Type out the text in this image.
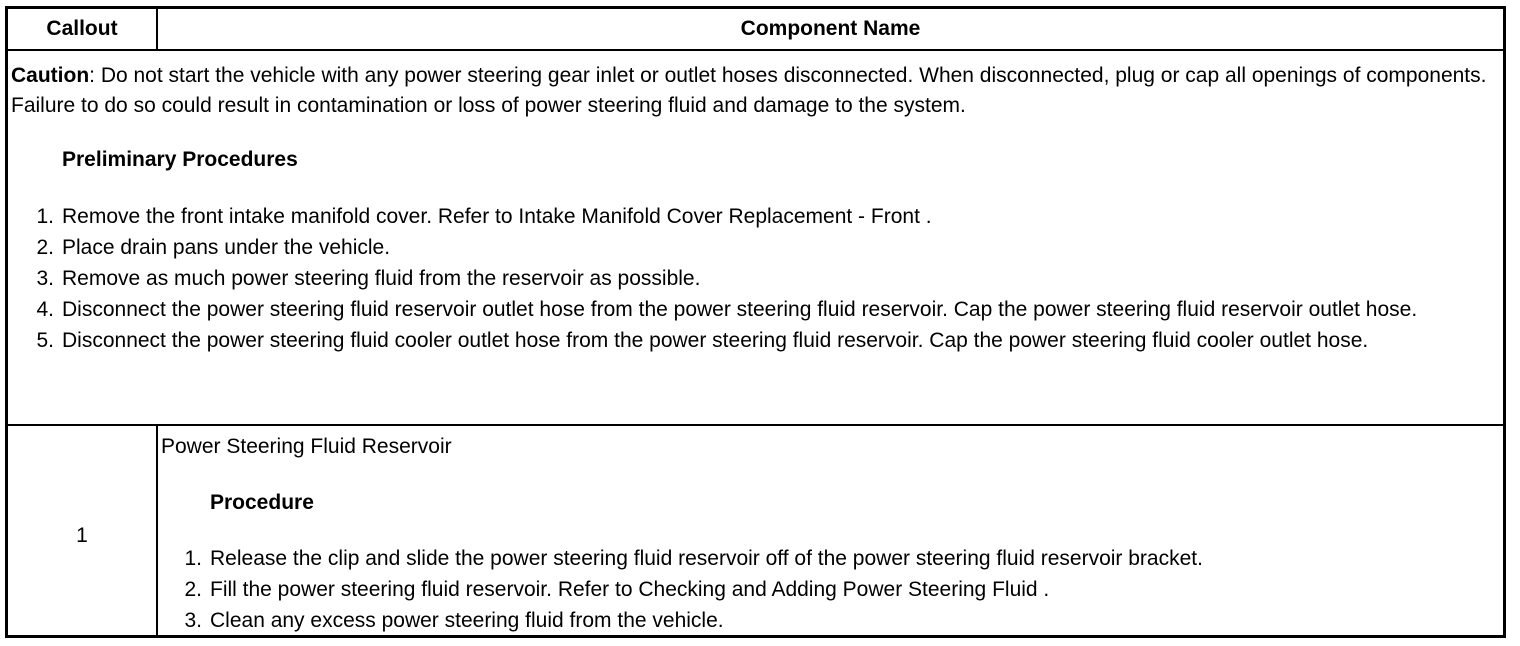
Callout	Component Name
Caution: Do not start the vehicle with any power steering gear inlet or outlet hoses disconnected. When disconnected, plug or cap all openings of components. Failure to do so could result in contamination or loss of power steering fluid and damage to the system.
Preliminary Procedures
1. Remove the front intake manifold cover. Refer to Intake Manifold Cover Replacement - Front .
2. Place drain pans under the vehicle.
3. Remove as much power steering fluid from the reservoir as possible.
4. Disconnect the power steering fluid reservoir outlet hose from the power steering fluid reservoir. Cap the power steering fluid reservoir outlet hose.
5. Disconnect the power steering fluid cooler outlet hose from the power steering fluid reservoir. Cap the power steering fluid cooler outlet hose.
1
Power Steering Fluid Reservoir
Procedure
1. Release the clip and slide the power steering fluid reservoir off of the power steering fluid reservoir bracket.
2. Fill the power steering fluid reservoir. Refer to Checking and Adding Power Steering Fluid .
3. Clean any excess power steering fluid from the vehicle.
